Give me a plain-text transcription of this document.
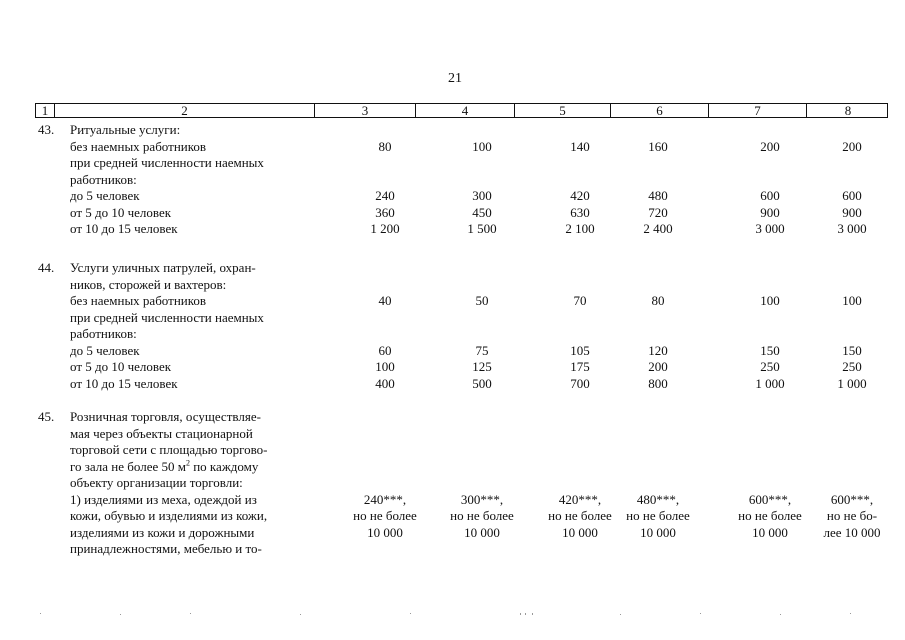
21
1	2	3	4	5	6	7	8
43. Ритуальные услуги:
без наемных работников	80	100	140	160	200	200
при средней численности наемных
работников:
до 5 человек	240	300	420	480	600	600
от 5 до 10 человек	360	450	630	720	900	900
от 10 до 15 человек	1 200	1 500	2 100	2 400	3 000	3 000
44. Услуги уличных патрулей, охран-
ников, сторожей и вахтеров:
без наемных работников	40	50	70	80	100	100
при средней численности наемных
работников:
до 5 человек	60	75	105	120	150	150
от 5 до 10 человек	100	125	175	200	250	250
от 10 до 15 человек	400	500	700	800	1 000	1 000
45. Розничная торговля, осуществляе-
мая через объекты стационарной
торговой сети с площадью торгово-
го зала не более 50 $м^2$ по каждому
объекту организации торговли:
1) изделиями из меха, одеждой из	240***,	300***,	420***,	480***,	600***,	600***,
кожи, обувью и изделиями из кожи,	но не более	но не более	но не более	но не более	но не более	но не бо-
изделиями из кожи и дорожными	10 000	10 000	10 000	10 000	10 000	лее 10 000
принадлежностями, мебелью и то-
